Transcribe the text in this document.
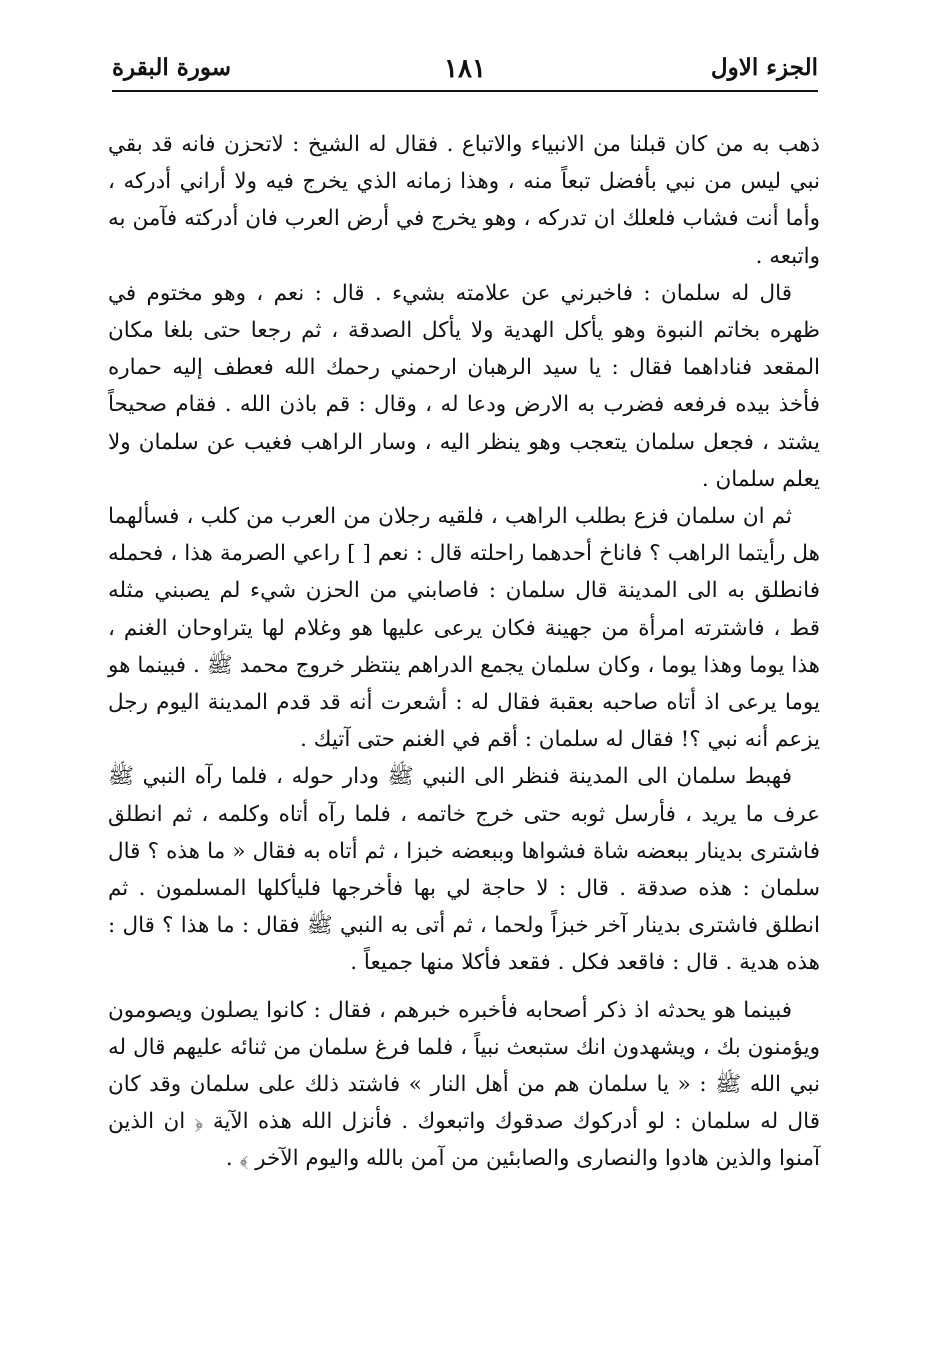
الجزء الاول
١٨١
سورة البقرة

ذهب به من كان قبلنا من الانبياء والاتباع . فقال له الشيخ : لاتحزن فانه قد بقي نبي ليس من نبي بأفضل تبعاً منه ، وهذا زمانه الذي يخرج فيه ولا أراني أدركه ، وأما أنت فشاب فلعلك ان تدركه ، وهو يخرج في أرض العرب فان أدركته فآمن به واتبعه .

قال له سلمان : فاخبرني عن علامته بشيء . قال : نعم ، وهو مختوم في ظهره بخاتم النبوة وهو يأكل الهدية ولا يأكل الصدقة ، ثم رجعا حتى بلغا مكان المقعد فناداهما فقال : يا سيد الرهبان ارحمني رحمك الله فعطف إليه حماره فأخذ بيده فرفعه فضرب به الارض ودعا له ، وقال : قم باذن الله . فقام صحيحاً يشتد ، فجعل سلمان يتعجب وهو ينظر اليه ، وسار الراهب فغيب عن سلمان ولا يعلم سلمان .

ثم ان سلمان فزع بطلب الراهب ، فلقيه رجلان من العرب من كلب ، فسألهما هل رأيتما الراهب ؟ فاناخ أحدهما راحلته قال : نعم [ ] راعي الصرمة هذا ، فحمله فانطلق به الى المدينة قال سلمان : فاصابني من الحزن شيء لم يصبني مثله قط ، فاشترته امرأة من جهينة فكان يرعى عليها هو وغلام لها يتراوحان الغنم ، هذا يوما وهذا يوما ، وكان سلمان يجمع الدراهم ينتظر خروج محمد ﷺ . فبينما هو يوما يرعى اذ أتاه صاحبه بعقبة فقال له : أشعرت أنه قد قدم المدينة اليوم رجل يزعم أنه نبي ؟! فقال له سلمان : أقم في الغنم حتى آتيك .

فهبط سلمان الى المدينة فنظر الى النبي ﷺ ودار حوله ، فلما رآه النبي ﷺ عرف ما يريد ، فأرسل ثوبه حتى خرج خاتمه ، فلما رآه أتاه وكلمه ، ثم انطلق فاشترى بدينار ببعضه شاة فشواها وببعضه خبزا ، ثم أتاه به فقال « ما هذه ؟ قال سلمان : هذه صدقة . قال : لا حاجة لي بها فأخرجها فليأكلها المسلمون . ثم انطلق فاشترى بدينار آخر خبزاً ولحما ، ثم أتى به النبي ﷺ فقال : ما هذا ؟ قال : هذه هدية . قال : فاقعد فكل . فقعد فأكلا منها جميعاً .

فبينما هو يحدثه اذ ذكر أصحابه فأخبره خبرهم ، فقال : كانوا يصلون ويصومون ويؤمنون بك ، ويشهدون انك ستبعث نبياً ، فلما فرغ سلمان من ثنائه عليهم قال له نبي الله ﷺ : « يا سلمان هم من أهل النار » فاشتد ذلك على سلمان وقد كان قال له سلمان : لو أدركوك صدقوك واتبعوك . فأنزل الله هذه الآية ﴿ ان الذين آمنوا والذين هادوا والنصارى والصابئين من آمن بالله واليوم الآخر ﴾ .
